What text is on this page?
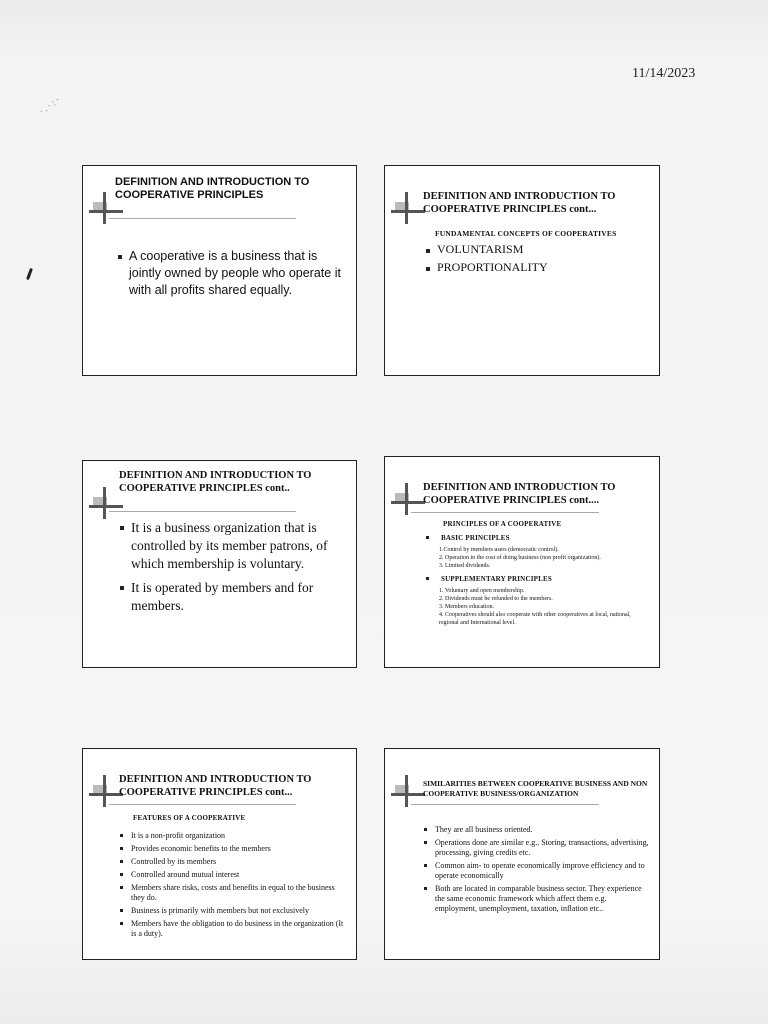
11/14/2023
·.·:·
DEFINITION AND INTRODUCTION TO COOPERATIVE PRINCIPLES
A cooperative is a business that is jointly owned by people who operate it with all profits shared equally.
DEFINITION AND INTRODUCTION TO COOPERATIVE PRINCIPLES cont...
FUNDAMENTAL CONCEPTS OF COOPERATIVES
VOLUNTARISM
PROPORTIONALITY
DEFINITION AND INTRODUCTION TO COOPERATIVE PRINCIPLES cont..
It is a business organization that is controlled by its member patrons, of which membership is voluntary.
It is operated by members and for members.
DEFINITION AND INTRODUCTION TO COOPERATIVE PRINCIPLES cont....
PRINCIPLES OF A COOPERATIVE
BASIC PRINCIPLES
1.Control by members users (democratic control).
2. Operation in the cost of doing business (non profit organization).
3. Limited dividends.
SUPPLEMENTARY PRINCIPLES
1. Voluntary and open membership.
2. Dividends must be refunded to the members.
3. Members education.
4. Cooperatives should also cooperate with other cooperatives at local, national, regional and International level.
DEFINITION AND INTRODUCTION TO COOPERATIVE PRINCIPLES cont...
FEATURES OF A COOPERATIVE
It is a non-profit organization
Provides economic benefits to the members
Controlled by its members
Controlled around mutual interest
Members share risks, costs and benefits in equal to the business they do.
Business is primarily with members but not exclusively
Members have the obligation to do business in the organization (It is a duty).
SIMILARITIES BETWEEN COOPERATIVE BUSINESS AND NON COOPERATIVE BUSINESS/ORGANIZATION
They are all business oriented.
Operations done are similar e.g.. Storing, transactions, advertising, processing, giving credits etc.
Common aim- to operate economically improve efficiency and to operate economically
Both are located in comparable business sector. They experience the same economic framework which affect them e.g. employment, unemployment, taxation, inflation etc..
